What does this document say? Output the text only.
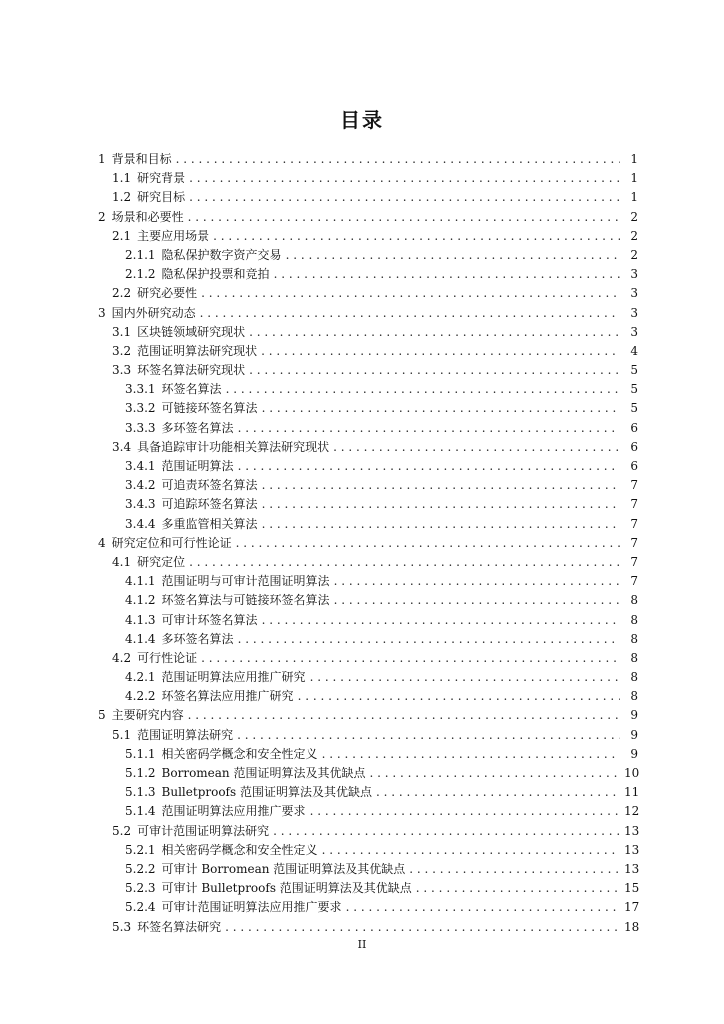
目录
1 背景和目标 . . .	1
1.1 研究背景 . . .	1
1.2 研究目标 . . .	1
2 场景和必要性 . . .	2
2.1 主要应用场景 . . .	2
2.1.1 隐私保护数字资产交易 . . .	2
2.1.2 隐私保护投票和竞拍 . . .	3
2.2 研究必要性 . . .	3
3 国内外研究动态 . . .	3
3.1 区块链领域研究现状 . . .	3
3.2 范围证明算法研究现状 . . .	4
3.3 环签名算法研究现状 . . .	5
3.3.1 环签名算法 . . .	5
3.3.2 可链接环签名算法 . . .	5
3.3.3 多环签名算法 . . .	6
3.4 具备追踪审计功能相关算法研究现状 . . .	6
3.4.1 范围证明算法 . . .	6
3.4.2 可追责环签名算法 . . .	7
3.4.3 可追踪环签名算法 . . .	7
3.4.4 多重监管相关算法 . . .	7
4 研究定位和可行性论证 . . .	7
4.1 研究定位 . . .	7
4.1.1 范围证明与可审计范围证明算法 . . .	7
4.1.2 环签名算法与可链接环签名算法 . . .	8
4.1.3 可审计环签名算法 . . .	8
4.1.4 多环签名算法 . . .	8
4.2 可行性论证 . . .	8
4.2.1 范围证明算法应用推广研究 . . .	8
4.2.2 环签名算法应用推广研究 . . .	8
5 主要研究内容 . . .	9
5.1 范围证明算法研究 . . .	9
5.1.1 相关密码学概念和安全性定义 . . .	9
5.1.2 Borromean 范围证明算法及其优缺点 . . .	10
5.1.3 Bulletproofs 范围证明算法及其优缺点 . . .	11
5.1.4 范围证明算法应用推广要求 . . .	12
5.2 可审计范围证明算法研究 . . .	13
5.2.1 相关密码学概念和安全性定义 . . .	13
5.2.2 可审计 Borromean 范围证明算法及其优缺点 . . .	13
5.2.3 可审计 Bulletproofs 范围证明算法及其优缺点 . . .	15
5.2.4 可审计范围证明算法应用推广要求 . . .	17
5.3 环签名算法研究 . . .	18
II
